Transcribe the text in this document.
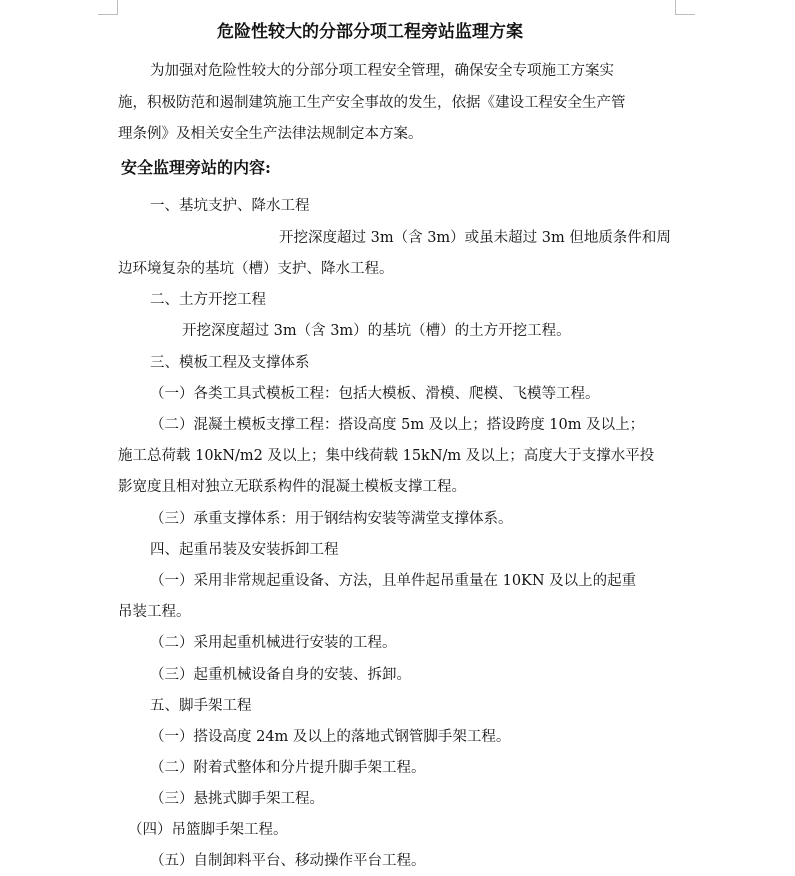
危险性较大的分部分项工程旁站监理方案
为加强对危险性较大的分部分项工程安全管理，确保安全专项施工方案实
施，积极防范和遏制建筑施工生产安全事故的发生，依据《建设工程安全生产管
理条例》及相关安全生产法律法规制定本方案。
安全监理旁站的内容:
一、基坑支护、降水工程
开挖深度超过 3m（含 3m）或虽未超过 3m 但地质条件和周
边环境复杂的基坑（槽）支护、降水工程。
二、土方开挖工程
开挖深度超过 3m（含 3m）的基坑（槽）的土方开挖工程。
三、模板工程及支撑体系
（一）各类工具式模板工程：包括大模板、滑模、爬模、飞模等工程。
（二）混凝土模板支撑工程：搭设高度 5m 及以上；搭设跨度 10m 及以上；
施工总荷载 10kN/m2 及以上；集中线荷载 15kN/m 及以上；高度大于支撑水平投
影宽度且相对独立无联系构件的混凝土模板支撑工程。
（三）承重支撑体系：用于钢结构安装等满堂支撑体系。
四、起重吊装及安装拆卸工程
（一）采用非常规起重设备、方法，且单件起吊重量在 10KN 及以上的起重
吊装工程。
（二）采用起重机械进行安装的工程。
（三）起重机械设备自身的安装、拆卸。
五、脚手架工程
（一）搭设高度 24m 及以上的落地式钢管脚手架工程。
（二）附着式整体和分片提升脚手架工程。
（三）悬挑式脚手架工程。
（四）吊篮脚手架工程。
（五）自制卸料平台、移动操作平台工程。
